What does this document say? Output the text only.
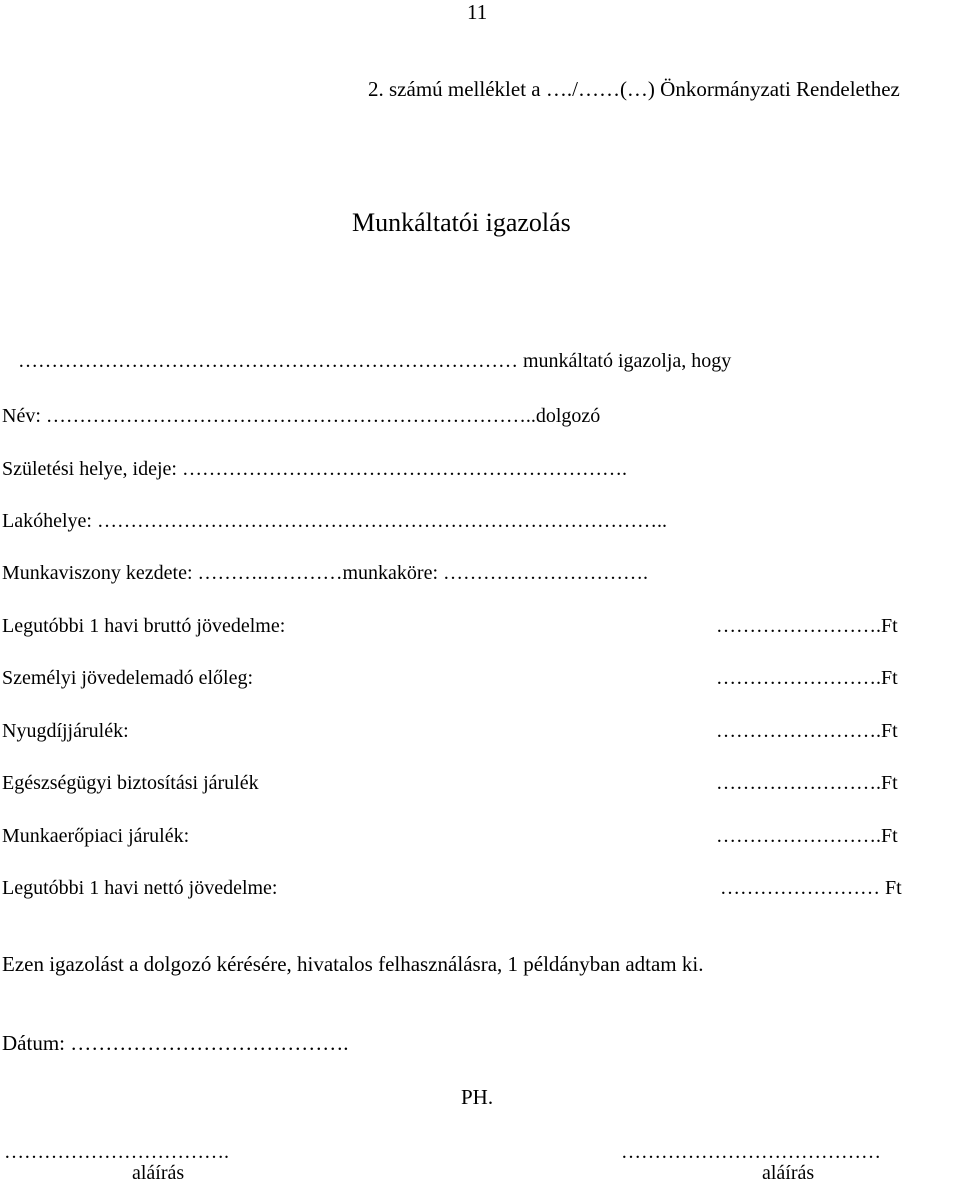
11
2. számú melléklet a …./……(…) Önkormányzati Rendelethez
Munkáltatói igazolás
………………………………………………………………… munkáltató igazolja, hogy
Név: ………………………………………………………………..dolgozó
Születési helye, ideje: ………………………………………………………….
Lakóhelye: …………………………………………………………………………..
Munkaviszony kezdete: ……….…………munkaköre: ………………………….
Legutóbbi 1 havi bruttó jövedelme:	…………………….Ft
Személyi jövedelemadó előleg:	…………………….Ft
Nyugdíjjárulék:	…………………….Ft
Egészségügyi biztosítási járulék	…………………….Ft
Munkaerőpiaci járulék:	…………………….Ft
Legutóbbi 1 havi nettó jövedelme:	…………………… Ft
Ezen igazolást a dolgozó kérésére, hivatalos felhasználásra, 1 példányban adtam ki.
Dátum: ………………………………….
PH.
…………………………….
aláírás
…………………………………
aláírás
